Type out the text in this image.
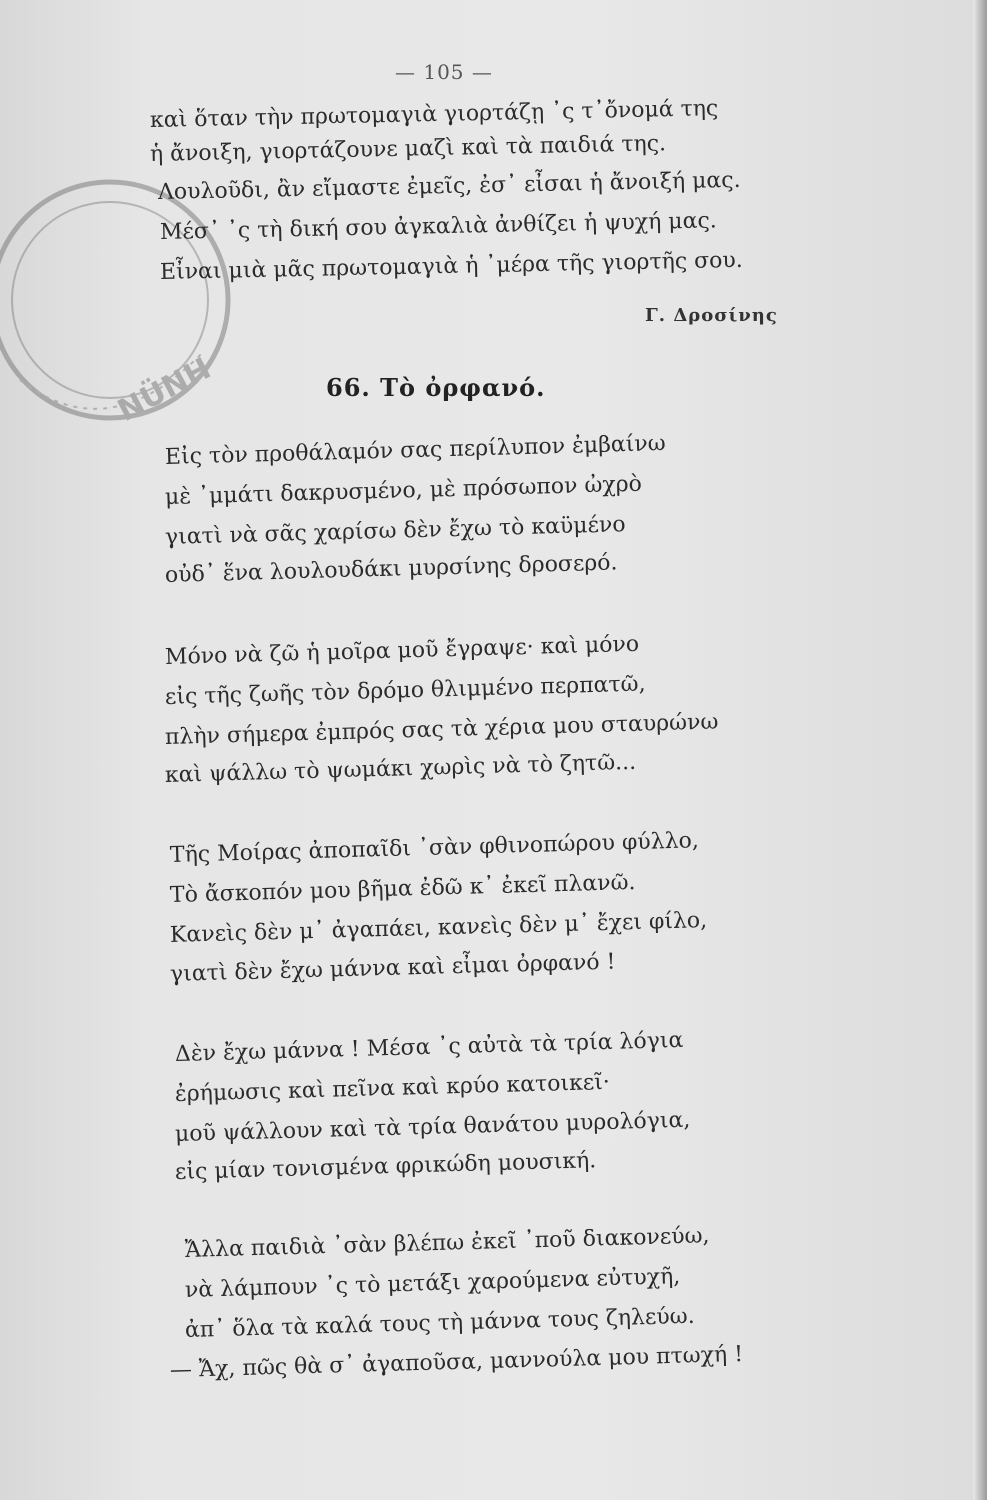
NÜNH
— 105 —
καὶ ὅταν τὴν πρωτομαγιὰ γιορτάζῃ ᾿ς τ᾿ὄνομά της
ἡ ἄνοιξη, γιορτάζουνε μαζὶ καὶ τὰ παιδιά της.
Λουλοῦδι, ἂν εἴμαστε ἐμεῖς, ἐσ᾿ εἶσαι ἡ ἄνοιξή μας.
Μέσ᾿ ᾿ς τὴ δική σου ἀγκαλιὰ ἀνθίζει ἡ ψυχή μας.
Εἶναι μιὰ μᾶς πρωτομαγιὰ ἡ ᾿μέρα τῆς γιορτῆς σου.
Γ. Δροσίνης
66. Τὸ ὀρφανό.
Εἰς τὸν προθάλαμόν σας περίλυπον ἐμβαίνω
μὲ ᾿μμάτι δακρυσμένο, μὲ πρόσωπον ὠχρὸ
γιατὶ νὰ σᾶς χαρίσω δὲν ἔχω τὸ καϋμένο
οὐδ᾿ ἕνα λουλουδάκι μυρσίνης δροσερό.
Μόνο νὰ ζῶ ἡ μοῖρα μοῦ ἔγραψε· καὶ μόνο
εἰς τῆς ζωῆς τὸν δρόμο θλιμμένο περπατῶ,
πλὴν σήμερα ἐμπρός σας τὰ χέρια μου σταυρώνω
καὶ ψάλλω τὸ ψωμάκι χωρὶς νὰ τὸ ζητῶ...
Τῆς Μοίρας ἀποπαῖδι ᾿σὰν φθινοπώρου φύλλο,
Τὸ ἄσκοπόν μου βῆμα ἐδῶ κ᾿ ἐκεῖ πλανῶ.
Κανεὶς δὲν μ᾿ ἀγαπάει, κανεὶς δὲν μ᾿ ἔχει φίλο,
γιατὶ δὲν ἔχω μάννα καὶ εἶμαι ὀρφανό !
Δὲν ἔχω μάννα ! Μέσα ᾿ς αὐτὰ τὰ τρία λόγια
ἐρήμωσις καὶ πεῖνα καὶ κρύο κατοικεῖ·
μοῦ ψάλλουν καὶ τὰ τρία θανάτου μυρολόγια,
εἰς μίαν τονισμένα φρικώδη μουσική.
Ἄλλα παιδιὰ ᾿σὰν βλέπω ἐκεῖ ᾿ποῦ διακονεύω,
νὰ λάμπουν ᾿ς τὸ μετάξι χαρούμενα εὐτυχῆ,
ἀπ᾿ ὅλα τὰ καλά τους τὴ μάννα τους ζηλεύω.
— Ἄχ, πῶς θὰ σ᾿ ἀγαποῦσα, μαννούλα μου πτωχή !
